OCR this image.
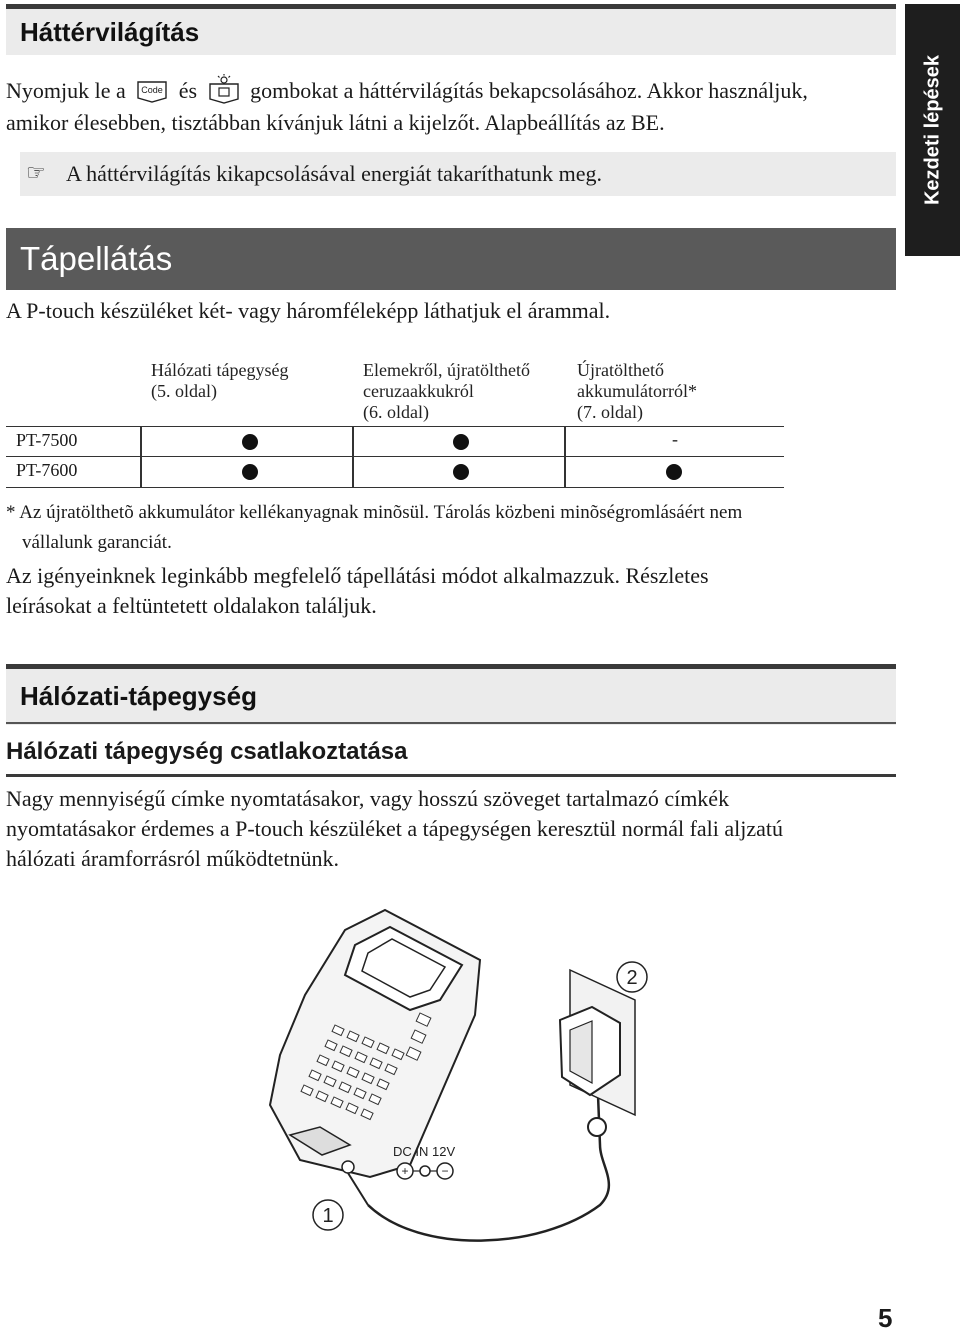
Kezdeti lépések
Háttérvilágítás
Nyomjuk le a Code és gombokat a háttérvilágítás bekapcsolásához. Akkor használjuk,
amikor élesebben, tisztábban kívánjuk látni a kijelzőt. Alapbeállítás az BE.
☞ A háttérvilágítás kikapcsolásával energiát takaríthatunk meg.
Tápellátás
A P-touch készüléket két- vagy háromféleképp láthatjuk el árammal.
Hálózati tápegység
(5. oldal)
Elemekről, újratölthető
ceruzaakkukról
(6. oldal)
Újratölthető
akkumulátorról*
(7. oldal)
PT-7500	-
PT-7600
* Az újratölthetõ akkumulátor kellékanyagnak minõsül. Tárolás közbeni minõségromlásáért nem
vállalunk garanciát.
Az igényeinknek leginkább megfelelő tápellátási módot alkalmazzuk. Részletes
leírásokat a feltüntetett oldalakon találjuk.
Hálózati-tápegység
Hálózati tápegység csatlakoztatása
Nagy mennyiségű címke nyomtatásakor, vagy hosszú szöveget tartalmazó címkék
nyomtatásakor érdemes a P-touch készüléket a tápegységen keresztül normál fali aljzatú
hálózati áramforrásról működtetnünk.
DC IN 12V
+	−
1
2
5
